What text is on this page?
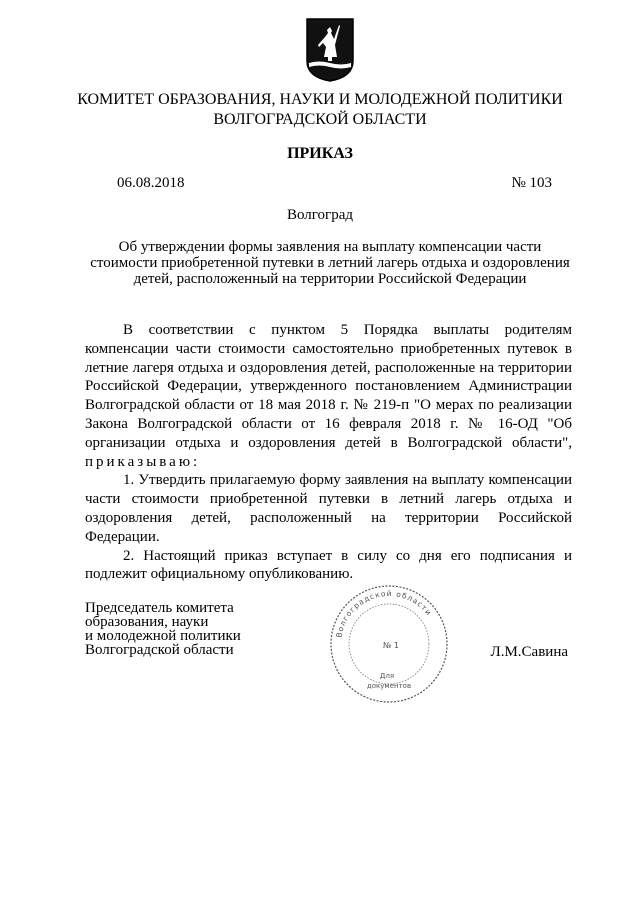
КОМИТЕТ ОБРАЗОВАНИЯ, НАУКИ И МОЛОДЕЖНОЙ ПОЛИТИКИ
ВОЛГОГРАДСКОЙ ОБЛАСТИ
ПРИКАЗ
06.08.2018	№ 103
Волгоград
Об утверждении формы заявления на выплату компенсации части
стоимости приобретенной путевки в летний лагерь отдыха и оздоровления
детей, расположенный на территории Российской Федерации

В соответствии с пунктом 5 Порядка выплаты родителям компенсации части стоимости самостоятельно приобретенных путевок в летние лагеря отдыха и оздоровления детей, расположенные на территории Российской Федерации, утвержденного постановлением Администрации Волгоградской области от 18 мая 2018 г. № 219-п "О мерах по реализации Закона Волгоградской области от 16 февраля 2018 г. № 16-ОД "Об организации отдыха и оздоровления детей в Волгоградской области", приказываю:

1. Утвердить прилагаемую форму заявления на выплату компенсации части стоимости приобретенной путевки в летний лагерь отдыха и оздоровления детей, расположенный на территории Российской Федерации.

2. Настоящий приказ вступает в силу со дня его подписания и подлежит официальному опубликованию.

Председатель комитета
образования, науки
и молодежной политики
Волгоградской области	Л.М.Савина
Волгоградской области
Для
документов
№ 1
